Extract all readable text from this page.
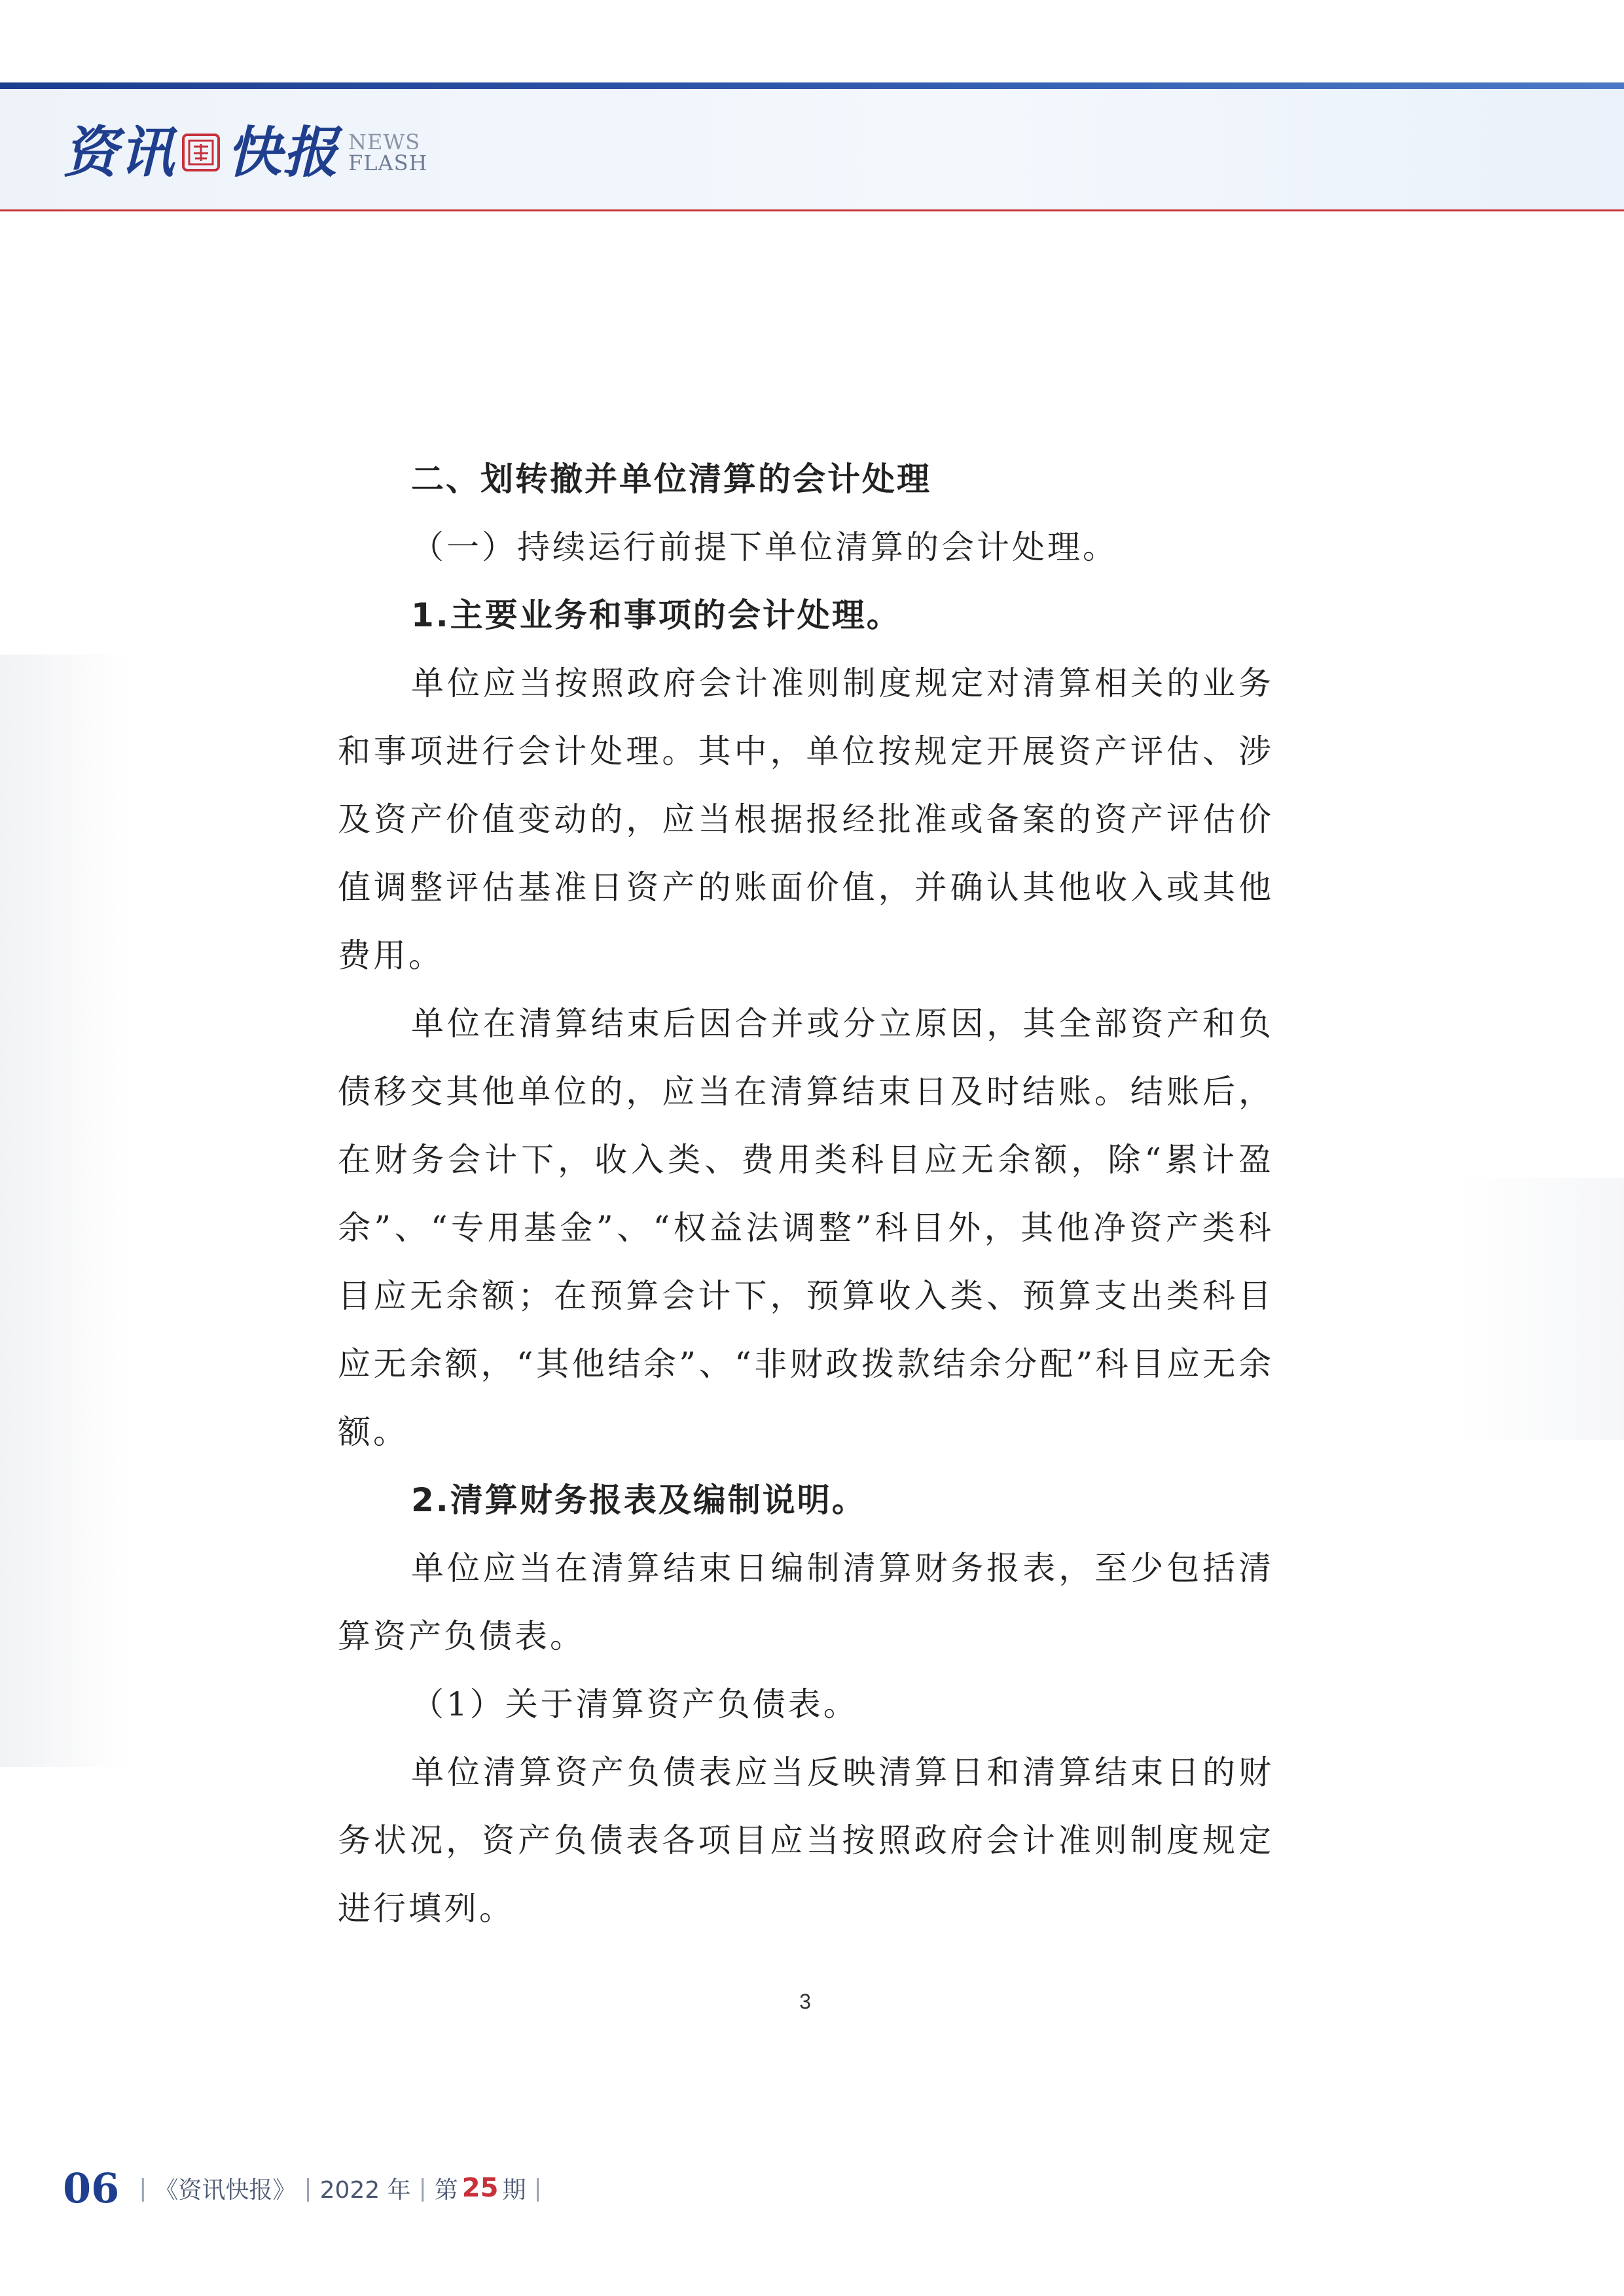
资讯 快报 NEWS
FLASH

二、划转撤并单位清算的会计处理

（一）持续运行前提下单位清算的会计处理。

1.主要业务和事项的会计处理。

单位应当按照政府会计准则制度规定对清算相关的业务和事项进行会计处理。其中，单位按规定开展资产评估、涉及资产价值变动的，应当根据报经批准或备案的资产评估价值调整评估基准日资产的账面价值，并确认其他收入或其他费用。

单位在清算结束后因合并或分立原因，其全部资产和负债移交其他单位的，应当在清算结束日及时结账。结账后，在财务会计下，收入类、费用类科目应无余额，除“累计盈余”、“专用基金”、“权益法调整”科目外，其他净资产类科目应无余额；在预算会计下，预算收入类、预算支出类科目应无余额，“其他结余”、“非财政拨款结余分配”科目应无余额。

2.清算财务报表及编制说明。

单位应当在清算结束日编制清算财务报表，至少包括清算资产负债表。

（1）关于清算资产负债表。

单位清算资产负债表应当反映清算日和清算结束日的财务状况，资产负债表各项目应当按照政府会计准则制度规定进行填列。

3
06 | 《资讯快报》 | 2022 年 | 第 25 期 |
